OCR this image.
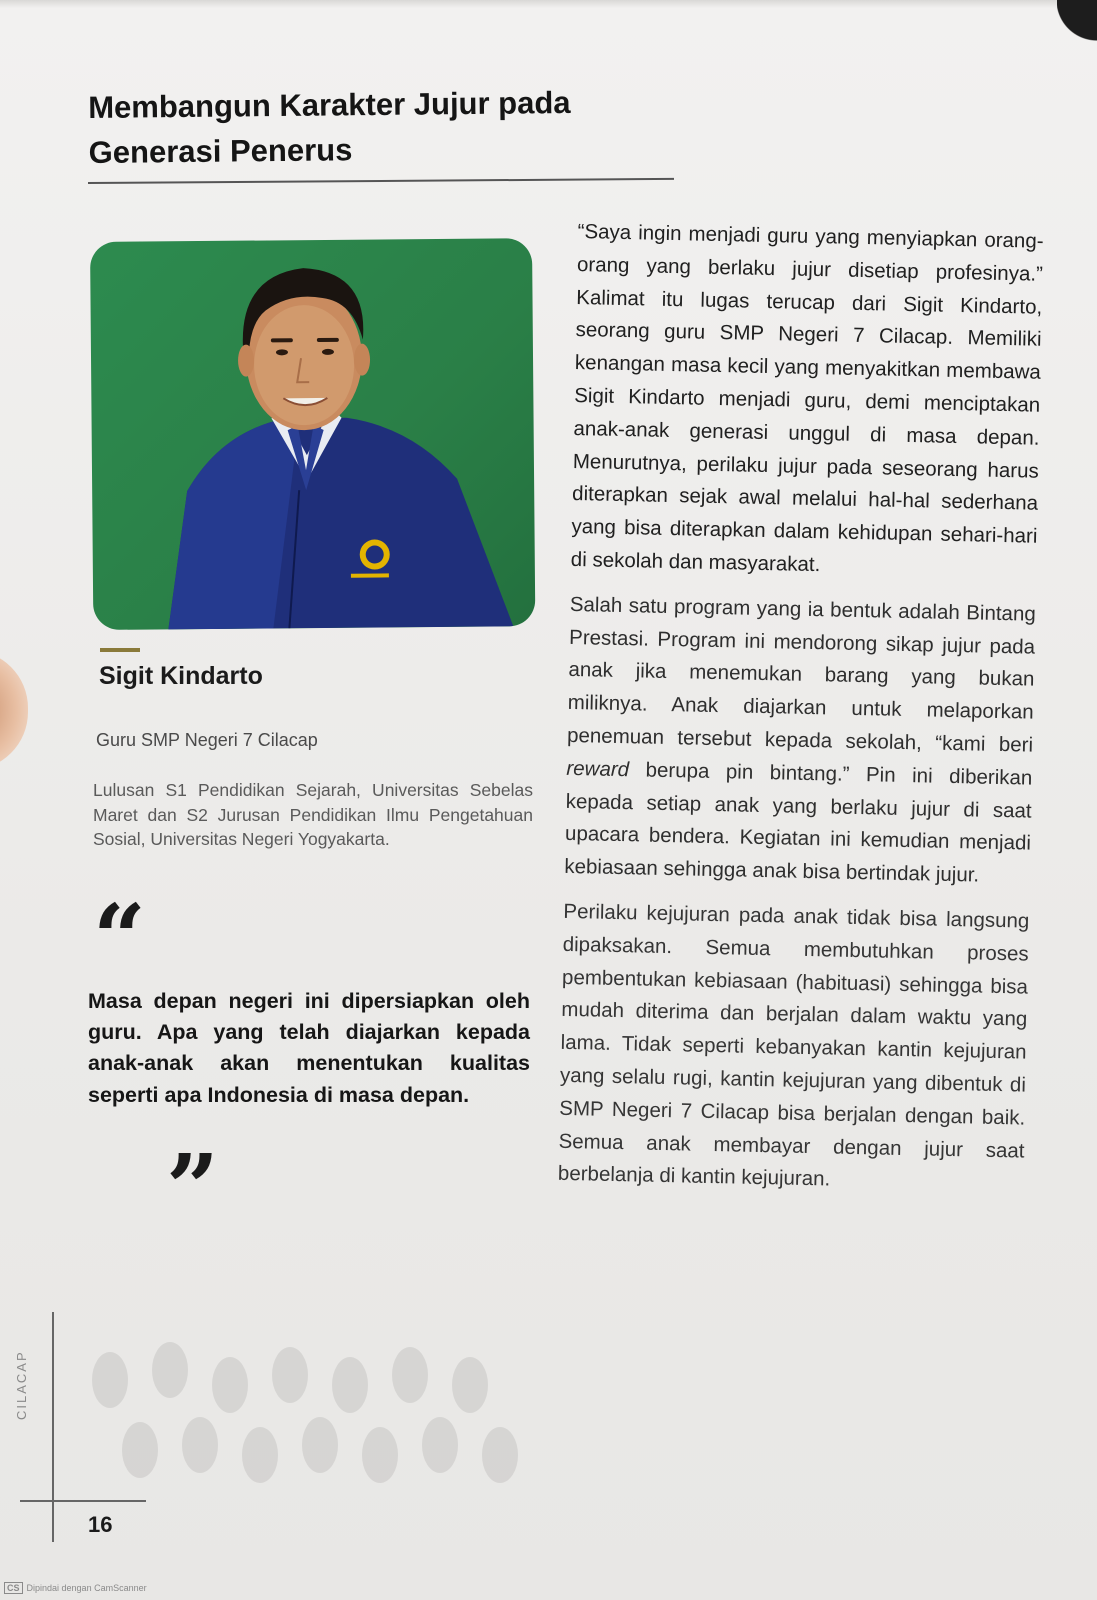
Membangun Karakter Jujur pada
Generasi Penerus
Sigit Kindarto
Guru SMP Negeri 7 Cilacap
Lulusan S1 Pendidikan Sejarah, Universitas Sebelas Maret dan S2 Jurusan Pendidikan Ilmu Pengetahuan Sosial, Universitas Negeri Yogyakarta.
“
Masa depan negeri ini dipersiapkan oleh guru. Apa yang telah diajarkan kepada anak-anak akan menentukan kualitas seperti apa Indonesia di masa depan.
”

“Saya ingin menjadi guru yang menyiapkan orang-orang yang berlaku jujur disetiap profesinya.” Kalimat itu lugas terucap dari Sigit Kindarto, seorang guru SMP Negeri 7 Cilacap. Memiliki kenangan masa kecil yang menyakitkan membawa Sigit Kindarto menjadi guru, demi menciptakan anak-anak generasi unggul di masa depan. Menurutnya, perilaku jujur pada seseorang harus diterapkan sejak awal melalui hal-hal sederhana yang bisa diterapkan dalam kehidupan sehari-hari di sekolah dan masyarakat.

Salah satu program yang ia bentuk adalah Bintang Prestasi. Program ini mendorong sikap jujur pada anak jika menemukan barang yang bukan miliknya. Anak diajarkan untuk melaporkan penemuan tersebut kepada sekolah, “kami beri reward berupa pin bintang.” Pin ini diberikan kepada setiap anak yang berlaku jujur di saat upacara bendera. Kegiatan ini kemudian menjadi kebiasaan sehingga anak bisa bertindak jujur.

Perilaku kejujuran pada anak tidak bisa langsung dipaksakan. Semua membutuhkan proses pembentukan kebiasaan (habituasi) sehingga bisa mudah diterima dan berjalan dalam waktu yang lama. Tidak seperti kebanyakan kantin kejujuran yang selalu rugi, kantin kejujuran yang dibentuk di SMP Negeri 7 Cilacap bisa berjalan dengan baik. Semua anak membayar dengan jujur saat berbelanja di kantin kejujuran.

CILACAP
16
CS Dipindai dengan CamScanner
